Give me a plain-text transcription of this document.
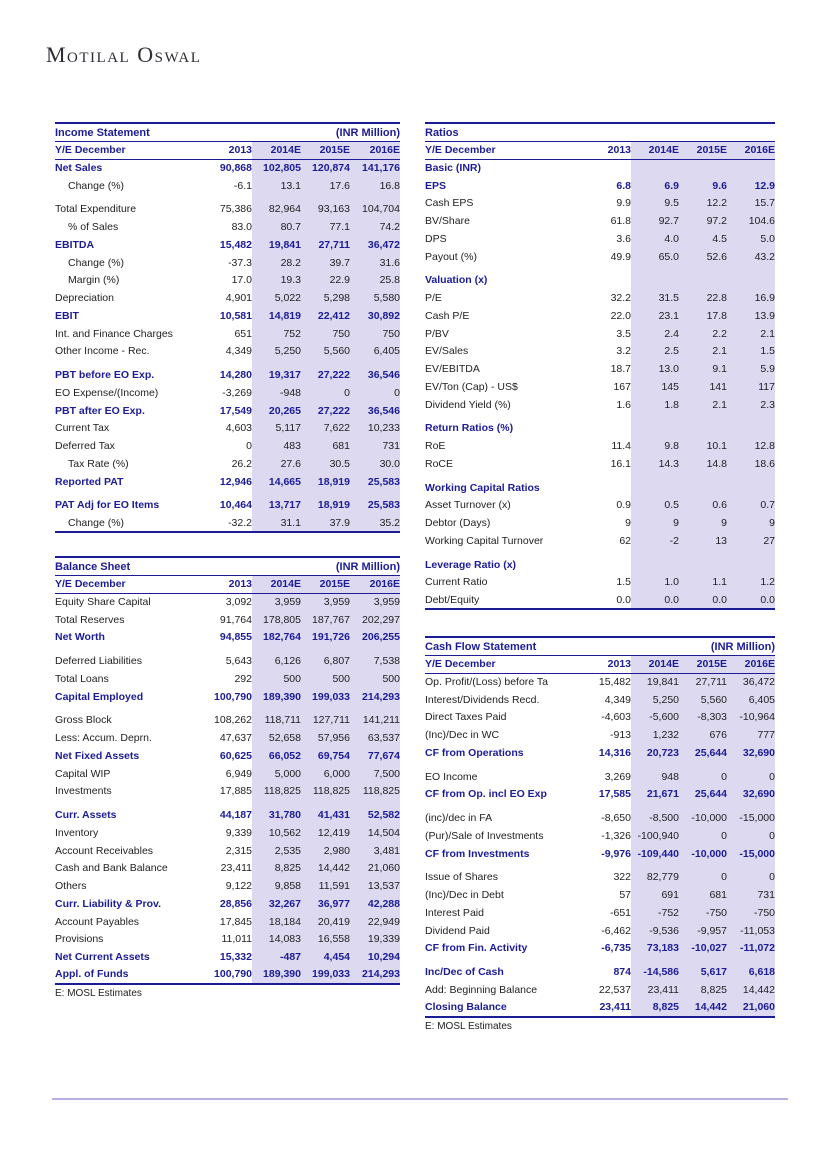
Motilal Oswal
Income Statement	(INR Million)
Y/E December	2013	2014E	2015E	2016E
Net Sales	90,868	102,805	120,874	141,176
Change (%)	-6.1	13.1	17.6	16.8

Total Expenditure	75,386	82,964	93,163	104,704
% of Sales	83.0	80.7	77.1	74.2
EBITDA	15,482	19,841	27,711	36,472
Change (%)	-37.3	28.2	39.7	31.6
Margin (%)	17.0	19.3	22.9	25.8
Depreciation	4,901	5,022	5,298	5,580
EBIT	10,581	14,819	22,412	30,892
Int. and Finance Charges	651	752	750	750
Other Income - Rec.	4,349	5,250	5,560	6,405

PBT before EO Exp.	14,280	19,317	27,222	36,546
EO Expense/(Income)	-3,269	-948	0	0
PBT after EO Exp.	17,549	20,265	27,222	36,546
Current Tax	4,603	5,117	7,622	10,233
Deferred Tax	0	483	681	731
Tax Rate (%)	26.2	27.6	30.5	30.0
Reported PAT	12,946	14,665	18,919	25,583

PAT Adj for EO Items	10,464	13,717	18,919	25,583
Change (%)	-32.2	31.1	37.9	35.2
Balance Sheet	(INR Million)
Y/E December	2013	2014E	2015E	2016E
Equity Share Capital	3,092	3,959	3,959	3,959
Total Reserves	91,764	178,805	187,767	202,297
Net Worth	94,855	182,764	191,726	206,255

Deferred Liabilities	5,643	6,126	6,807	7,538
Total Loans	292	500	500	500
Capital Employed	100,790	189,390	199,033	214,293

Gross Block	108,262	118,711	127,711	141,211
Less: Accum. Deprn.	47,637	52,658	57,956	63,537
Net Fixed Assets	60,625	66,052	69,754	77,674
Capital WIP	6,949	5,000	6,000	7,500
Investments	17,885	118,825	118,825	118,825

Curr. Assets	44,187	31,780	41,431	52,582
Inventory	9,339	10,562	12,419	14,504
Account Receivables	2,315	2,535	2,980	3,481
Cash and Bank Balance	23,411	8,825	14,442	21,060
Others	9,122	9,858	11,591	13,537
Curr. Liability & Prov.	28,856	32,267	36,977	42,288
Account Payables	17,845	18,184	20,419	22,949
Provisions	11,011	14,083	16,558	19,339
Net Current Assets	15,332	-487	4,454	10,294
Appl. of Funds	100,790	189,390	199,033	214,293
E: MOSL Estimates
Ratios
Y/E December	2013	2014E	2015E	2016E
Basic (INR)				
EPS	6.8	6.9	9.6	12.9
Cash EPS	9.9	9.5	12.2	15.7
BV/Share	61.8	92.7	97.2	104.6
DPS	3.6	4.0	4.5	5.0
Payout (%)	49.9	65.0	52.6	43.2

Valuation (x)				
P/E	32.2	31.5	22.8	16.9
Cash P/E	22.0	23.1	17.8	13.9
P/BV	3.5	2.4	2.2	2.1
EV/Sales	3.2	2.5	2.1	1.5
EV/EBITDA	18.7	13.0	9.1	5.9
EV/Ton (Cap) - US$	167	145	141	117
Dividend Yield (%)	1.6	1.8	2.1	2.3

Return Ratios (%)				
RoE	11.4	9.8	10.1	12.8
RoCE	16.1	14.3	14.8	18.6

Working Capital Ratios				
Asset Turnover (x)	0.9	0.5	0.6	0.7
Debtor (Days)	9	9	9	9
Working Capital Turnover	62	-2	13	27

Leverage Ratio (x)				
Current Ratio	1.5	1.0	1.1	1.2
Debt/Equity	0.0	0.0	0.0	0.0
Cash Flow Statement	(INR Million)
Y/E December	2013	2014E	2015E	2016E
Op. Profit/(Loss) before Ta	15,482	19,841	27,711	36,472
Interest/Dividends Recd.	4,349	5,250	5,560	6,405
Direct Taxes Paid	-4,603	-5,600	-8,303	-10,964
(Inc)/Dec in WC	-913	1,232	676	777
CF from Operations	14,316	20,723	25,644	32,690

EO Income	3,269	948	0	0
CF from Op. incl EO Exp	17,585	21,671	25,644	32,690

(inc)/dec in FA	-8,650	-8,500	-10,000	-15,000
(Pur)/Sale of Investments	-1,326	-100,940	0	0
CF from Investments	-9,976	-109,440	-10,000	-15,000

Issue of Shares	322	82,779	0	0
(Inc)/Dec in Debt	57	691	681	731
Interest Paid	-651	-752	-750	-750
Dividend Paid	-6,462	-9,536	-9,957	-11,053
CF from Fin. Activity	-6,735	73,183	-10,027	-11,072

Inc/Dec of Cash	874	-14,586	5,617	6,618
Add: Beginning Balance	22,537	23,411	8,825	14,442
Closing Balance	23,411	8,825	14,442	21,060
E: MOSL Estimates
